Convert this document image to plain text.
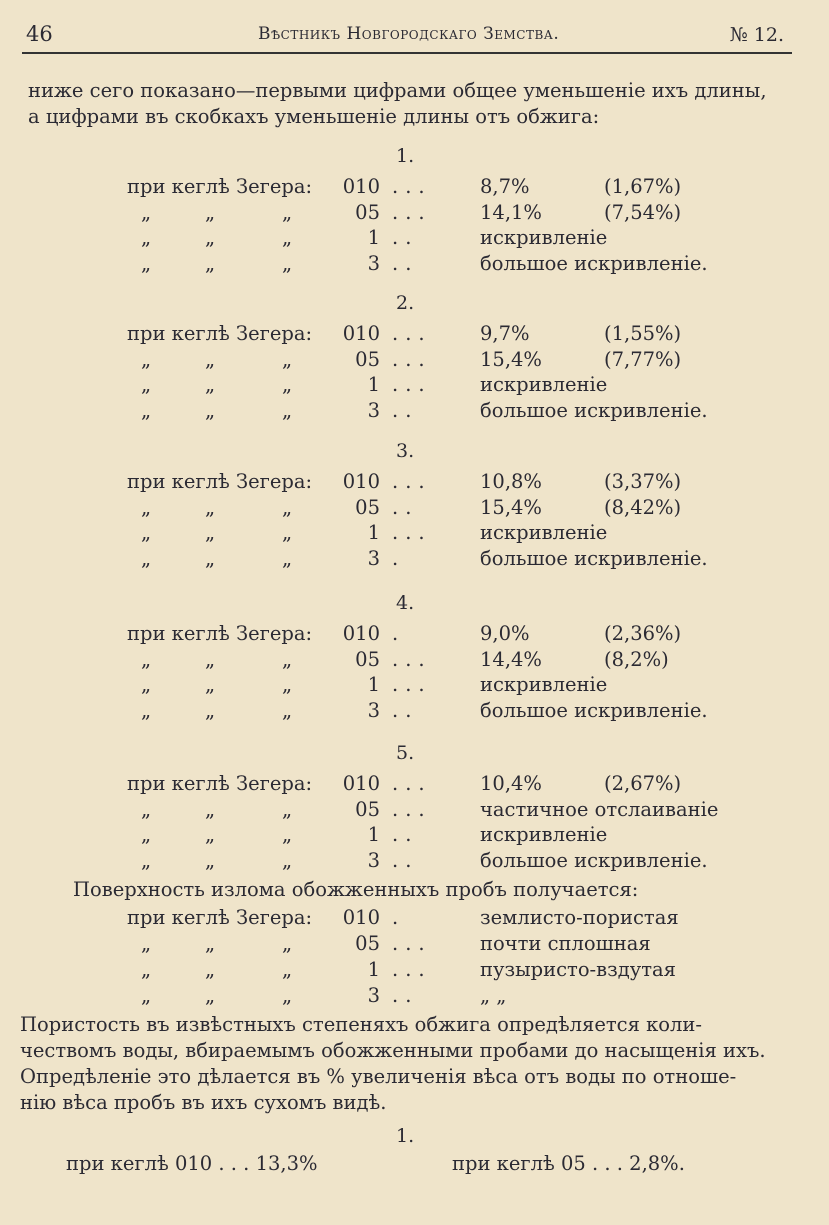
46	Вѣстникъ Новгородскаго Земства.	№ 12.
ниже сего показано—первыми цифрами общее уменьшеніе ихъ длины,
а цифрами въ скобкахъ уменьшеніе длины отъ обжига:
1.
при кеглѣ Зегера: 010 ... 8,7%	(1,67%)
„	„	„	05 ... 14,1%	(7,54%)
„	„	„	1 ..	искривленіе
„	„	„	3 ..	большое искривленіе.
2.
при кеглѣ Зегера: 010 ... 9,7%	(1,55%)
„	„	„	05 ... 15,4%	(7,77%)
„	„	„	1 ... искривленіе
„	„	„	3 ..	большое искривленіе.
3.
при кеглѣ Зегера: 010 ... 10,8%	(3,37%)
„	„	„	05 ..	15,4%	(8,42%)
„	„	„	1 ... искривленіе
„	„	„	3 .	большое искривленіе.
4.
при кеглѣ Зегера: 010 .	9,0%	(2,36%)
„	„	„	05 ... 14,4%	(8,2%)
„	„	„	1 ... искривленіе
„	„	„	3 ..	большое искривленіе.
5.
при кеглѣ Зегера: 010 ... 10,4%	(2,67%)
„	„	„	05 ... частичное отслаиваніе
„	„	„	1 ..	искривленіе
„	„	„	3 ..	большое искривленіе.
Поверхность излома обожженныхъ пробъ получается:
при кеглѣ Зегера: 010 .	землисто-пористая
„	„	„	05 ... почти сплошная
„	„	„	1 ... пузыристо-вздутая
„	„	„	3 ..	„ „
Пористость въ извѣстныхъ степеняхъ обжига опредѣляется коли-
чествомъ воды, вбираемымъ обожженными пробами до насыщенія ихъ.
Опредѣленіе это дѣлается въ % увеличенія вѣса отъ воды по отноше-
нію вѣса пробъ въ ихъ сухомъ видѣ.
1.
при кеглѣ 010 . . . 13,3%	при кеглѣ 05 . . . 2,8%.
